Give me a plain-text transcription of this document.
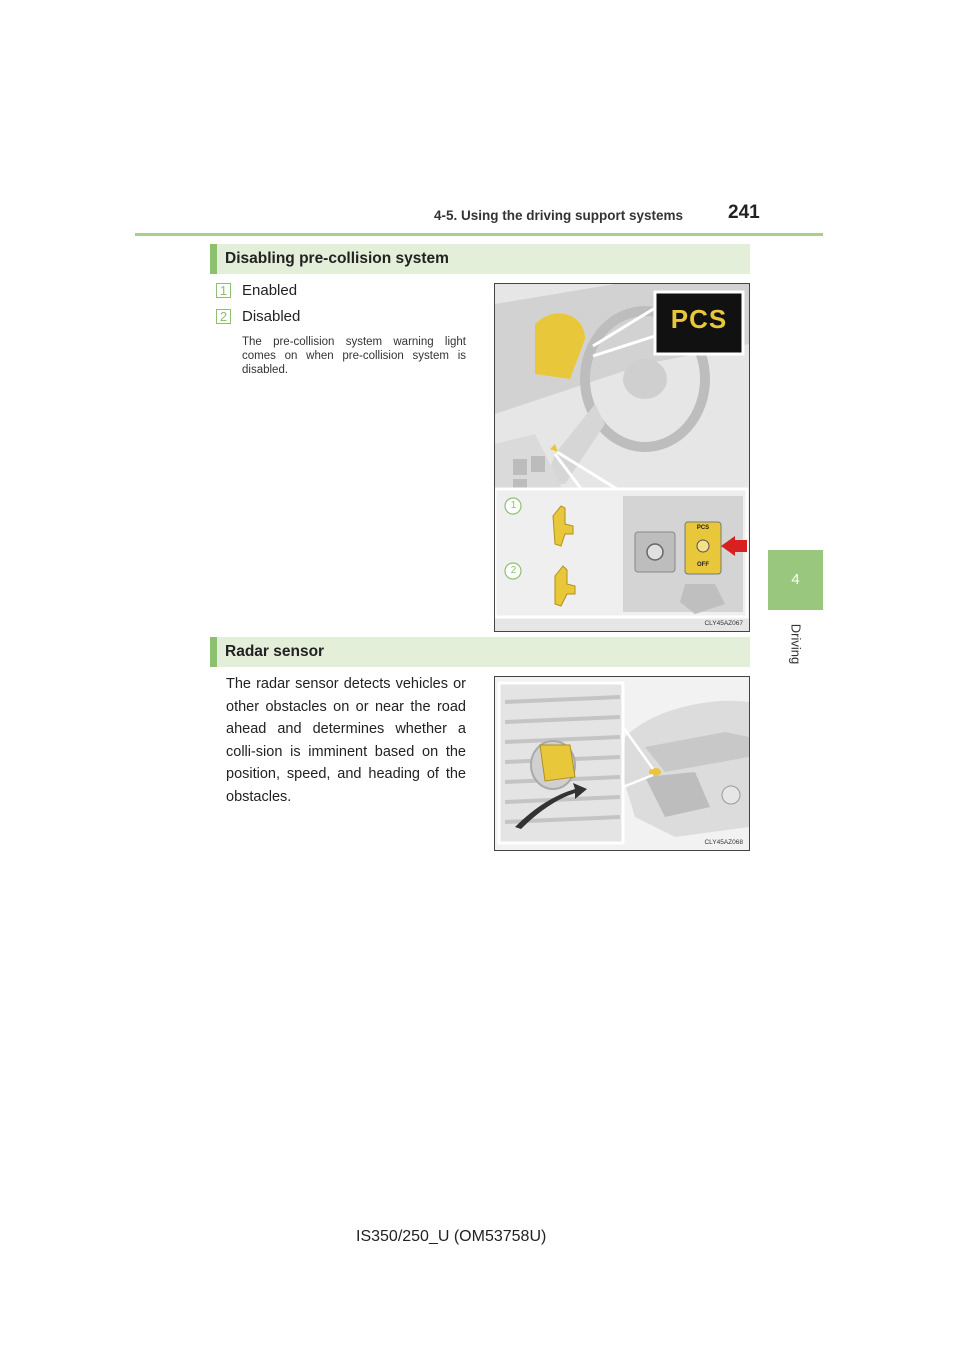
4-5. Using the driving support systems 241
4
Driving
Disabling pre-collision system
1 Enabled
2 Disabled
The pre-collision system warning light comes on when pre-collision system is disabled.
PCS
PCS
OFF
1
2
CLY45AZ067
Radar sensor
The radar sensor detects vehicles or other obstacles on or near the road ahead and determines whether a colli-sion is imminent based on the position, speed, and heading of the obstacles.
CLY45AZ068
IS350/250_U (OM53758U)
